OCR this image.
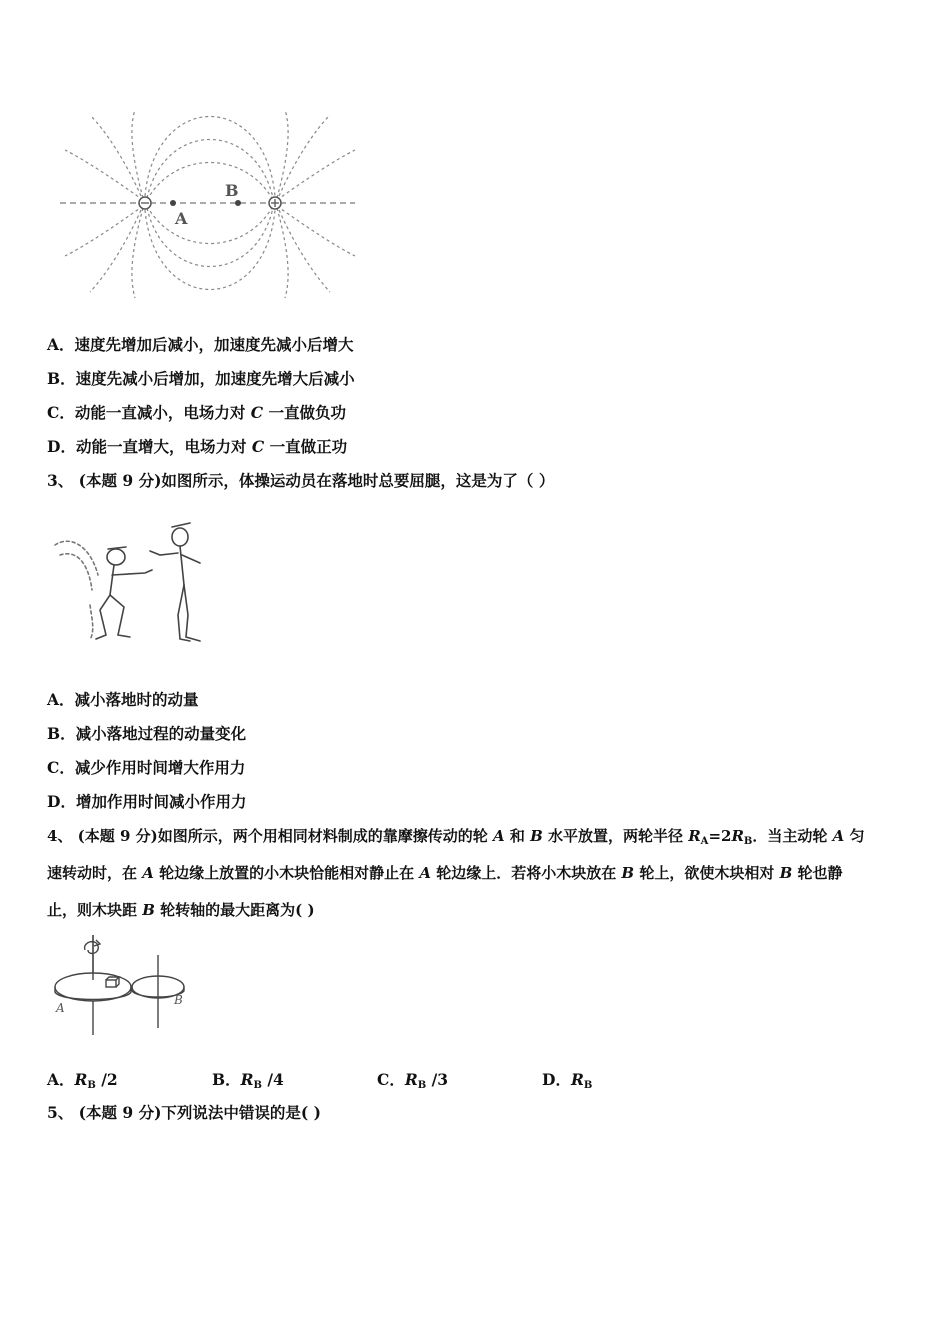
A
B
A．速度先增加后减小，加速度先减小后增大
B．速度先减小后增加，加速度先增大后减小
C．动能一直减小，电场力对 C 一直做负功
D．动能一直增大，电场力对 C 一直做正功
3、 (本题 9 分)如图所示，体操运动员在落地时总要屈腿，这是为了（ ）
A．减小落地时的动量
B．减小落地过程的动量变化
C．减少作用时间增大作用力
D．增加作用时间减小作用力
4、 (本题 9 分)如图所示，两个用相同材料制成的靠摩擦传动的轮 A 和 B 水平放置，两轮半径 $R_A=2R_B$．当主动轮 A 匀
速转动时，在 A 轮边缘上放置的小木块恰能相对静止在 A 轮边缘上．若将小木块放在 B 轮上，欲使木块相对 B 轮也静
止，则木块距 B 轮转轴的最大距离为( )
A
B
A．$R_B$ /2	B．$R_B$ /4	C．$R_B$ /3	D．$R_B$
5、 (本题 9 分)下列说法中错误的是( )
